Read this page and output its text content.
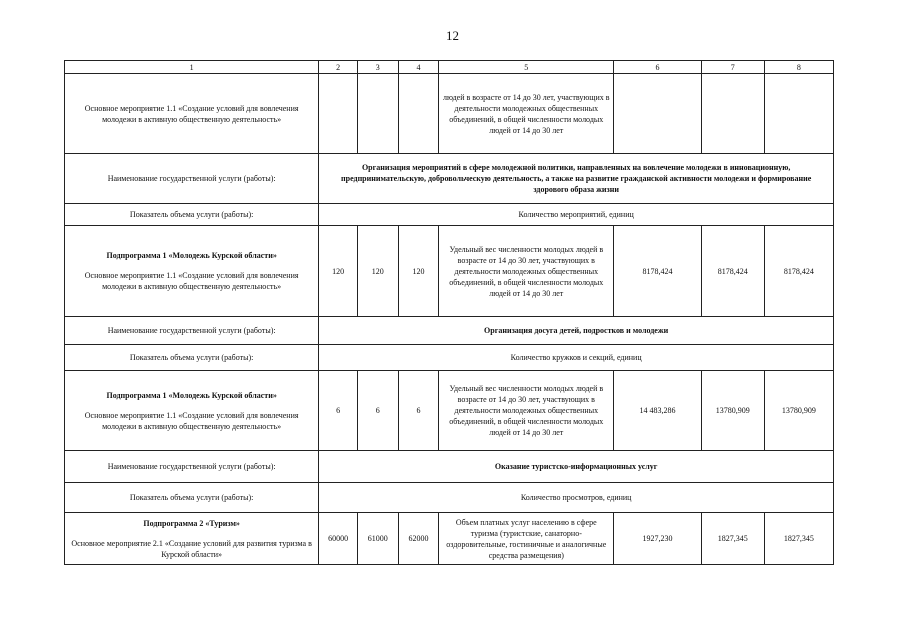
12
1	2	3	4	5	6	7	8
Основное мероприятие 1.1 «Создание условий для вовлечения молодежи в активную общественную деятельность»				людей в возрасте от 14 до 30 лет, участвующих в деятельности молодежных общественных объединений, в общей численности молодых людей от 14 до 30 лет			
Наименование государственной услуги (работы):	Организация мероприятий в сфере молодежной политики, направленных на вовлечение молодежи в инновационную, предпринимательскую, добровольческую деятельность, а также на развитие гражданской активности молодежи и формирование здорового образа жизни						
Показатель объема услуги (работы):	Количество мероприятий, единиц						

Подпрограмма 1 «Молодежь Курской области»
Основное мероприятие 1.1 «Создание условий для вовлечения молодежи в активную общественную деятельность»	120	120	120	Удельный вес численности молодых людей в возрасте от 14 до 30 лет, участвующих в деятельности молодежных общественных объединений, в общей численности молодых людей от 14 до 30 лет	8178,424	8178,424	8178,424
Наименование государственной услуги (работы):	Организация досуга детей, подростков и молодежи						
Показатель объема услуги (работы):	Количество кружков и секций, единиц						

Подпрограмма 1 «Молодежь Курской области»
Основное мероприятие 1.1 «Создание условий для вовлечения молодежи в активную общественную деятельность»	6	6	6	Удельный вес численности молодых людей в возрасте от 14 до 30 лет, участвующих в деятельности молодежных общественных объединений, в общей численности молодых людей от 14 до 30 лет	14 483,286	13780,909	13780,909
Наименование государственной услуги (работы):	Оказание туристско-информационных услуг						
Показатель объема услуги (работы):	Количество просмотров, единиц						

Подпрограмма 2 «Туризм»
Основное мероприятие 2.1 «Создание условий для развития туризма в Курской области»	60000	61000	62000	Объем платных услуг населению в сфере туризма (туристские, санаторно-оздоровительные, гостиничные и аналогичные средства размещения)	1927,230	1827,345	1827,345
